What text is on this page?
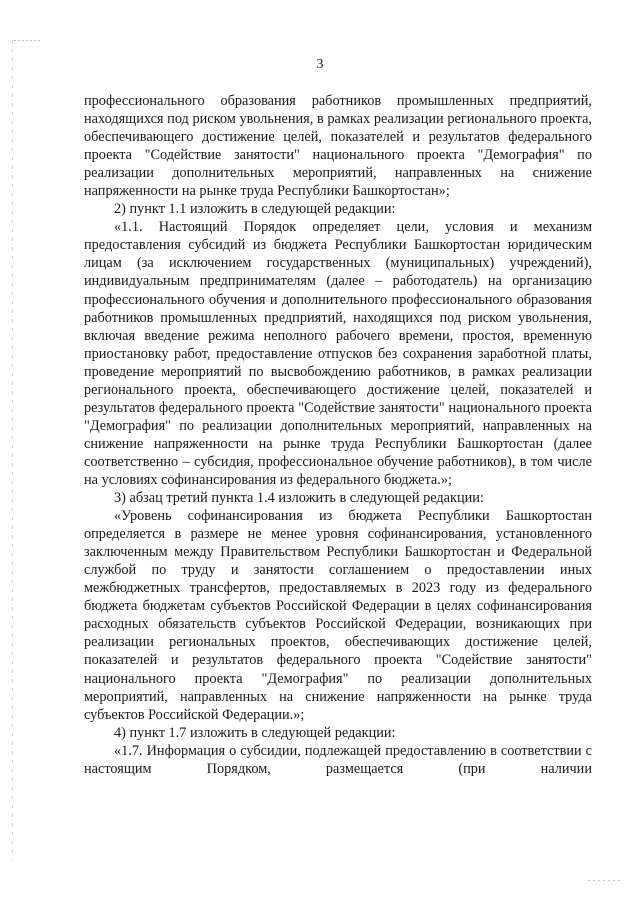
3

профессионального образования работников промышленных предприятий, находящихся под риском увольнения, в рамках реализации регионального проекта, обеспечивающего достижение целей, показателей и результатов федерального проекта "Содействие занятости" национального проекта "Демография" по реализации дополнительных мероприятий, направленных на снижение напряженности на рынке труда Республики Башкортостан»;

2) пункт 1.1 изложить в следующей редакции:

«1.1. Настоящий Порядок определяет цели, условия и механизм предоставления субсидий из бюджета Республики Башкортостан юридическим лицам (за исключением государственных (муниципальных) учреждений), индивидуальным предпринимателям (далее – работодатель) на организацию профессионального обучения и дополнительного профессионального образования работников промышленных предприятий, находящихся под риском увольнения, включая введение режима неполного рабочего времени, простоя, временную приостановку работ, предоставление отпусков без сохранения заработной платы, проведение мероприятий по высвобождению работников, в рамках реализации регионального проекта, обеспечивающего достижение целей, показателей и результатов федерального проекта "Содействие занятости" национального проекта "Демография" по реализации дополнительных мероприятий, направленных на снижение напряженности на рынке труда Республики Башкортостан (далее соответственно – субсидия, профессиональное обучение работников), в том числе на условиях софинансирования из федерального бюджета.»;

3) абзац третий пункта 1.4 изложить в следующей редакции:

«Уровень софинансирования из бюджета Республики Башкортостан определяется в размере не менее уровня софинансирования, установленного заключенным между Правительством Республики Башкортостан и Федеральной службой по труду и занятости соглашением о предоставлении иных межбюджетных трансфертов, предоставляемых в 2023 году из федерального бюджета бюджетам субъектов Российской Федерации в целях софинансирования расходных обязательств субъектов Российской Федерации, возникающих при реализации региональных проектов, обеспечивающих достижение целей, показателей и результатов федерального проекта "Содействие занятости" национального проекта "Демография" по реализации дополнительных мероприятий, направленных на снижение напряженности на рынке труда субъектов Российской Федерации.»;

4) пункт 1.7 изложить в следующей редакции:

«1.7. Информация о субсидии, подлежащей предоставлению в соответствии с настоящим Порядком, размещается (при наличии
